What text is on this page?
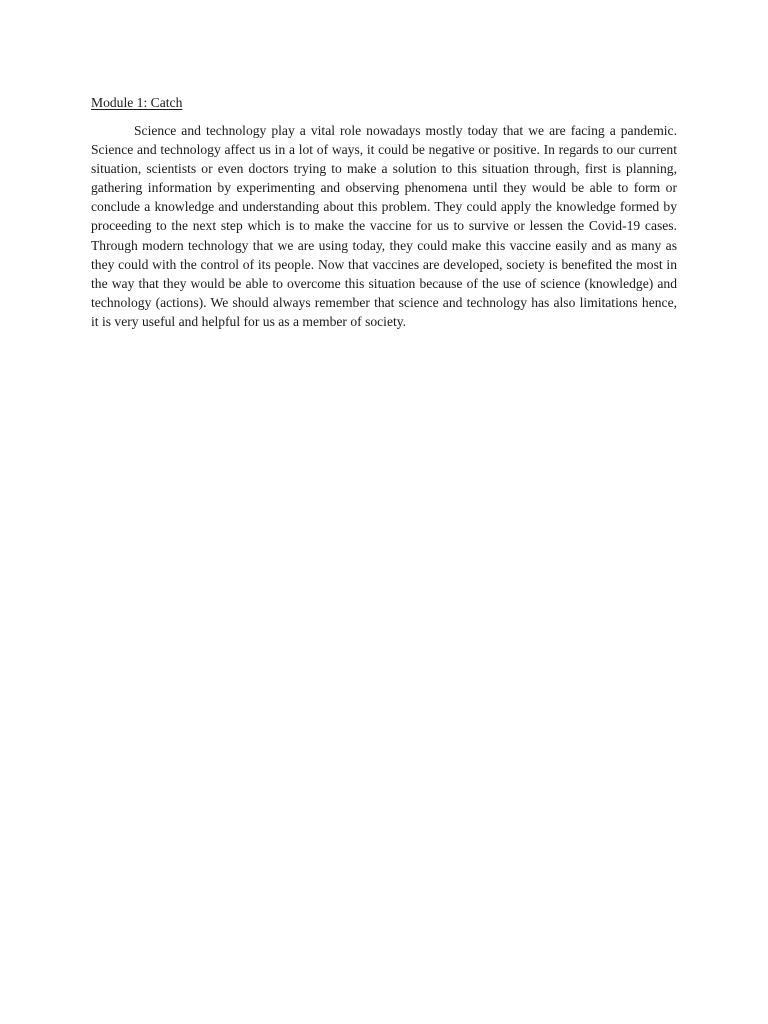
Module 1: Catch

Science and technology play a vital role nowadays mostly today that we are facing a pandemic. Science and technology affect us in a lot of ways, it could be negative or positive. In regards to our current situation, scientists or even doctors trying to make a solution to this situation through, first is planning, gathering information by experimenting and observing phenomena until they would be able to form or conclude a knowledge and understanding about this problem. They could apply the knowledge formed by proceeding to the next step which is to make the vaccine for us to survive or lessen the Covid-19 cases. Through modern technology that we are using today, they could make this vaccine easily and as many as they could with the control of its people. Now that vaccines are developed, society is benefited the most in the way that they would be able to overcome this situation because of the use of science (knowledge) and technology (actions). We should always remember that science and technology has also limitations hence, it is very useful and helpful for us as a member of society.
